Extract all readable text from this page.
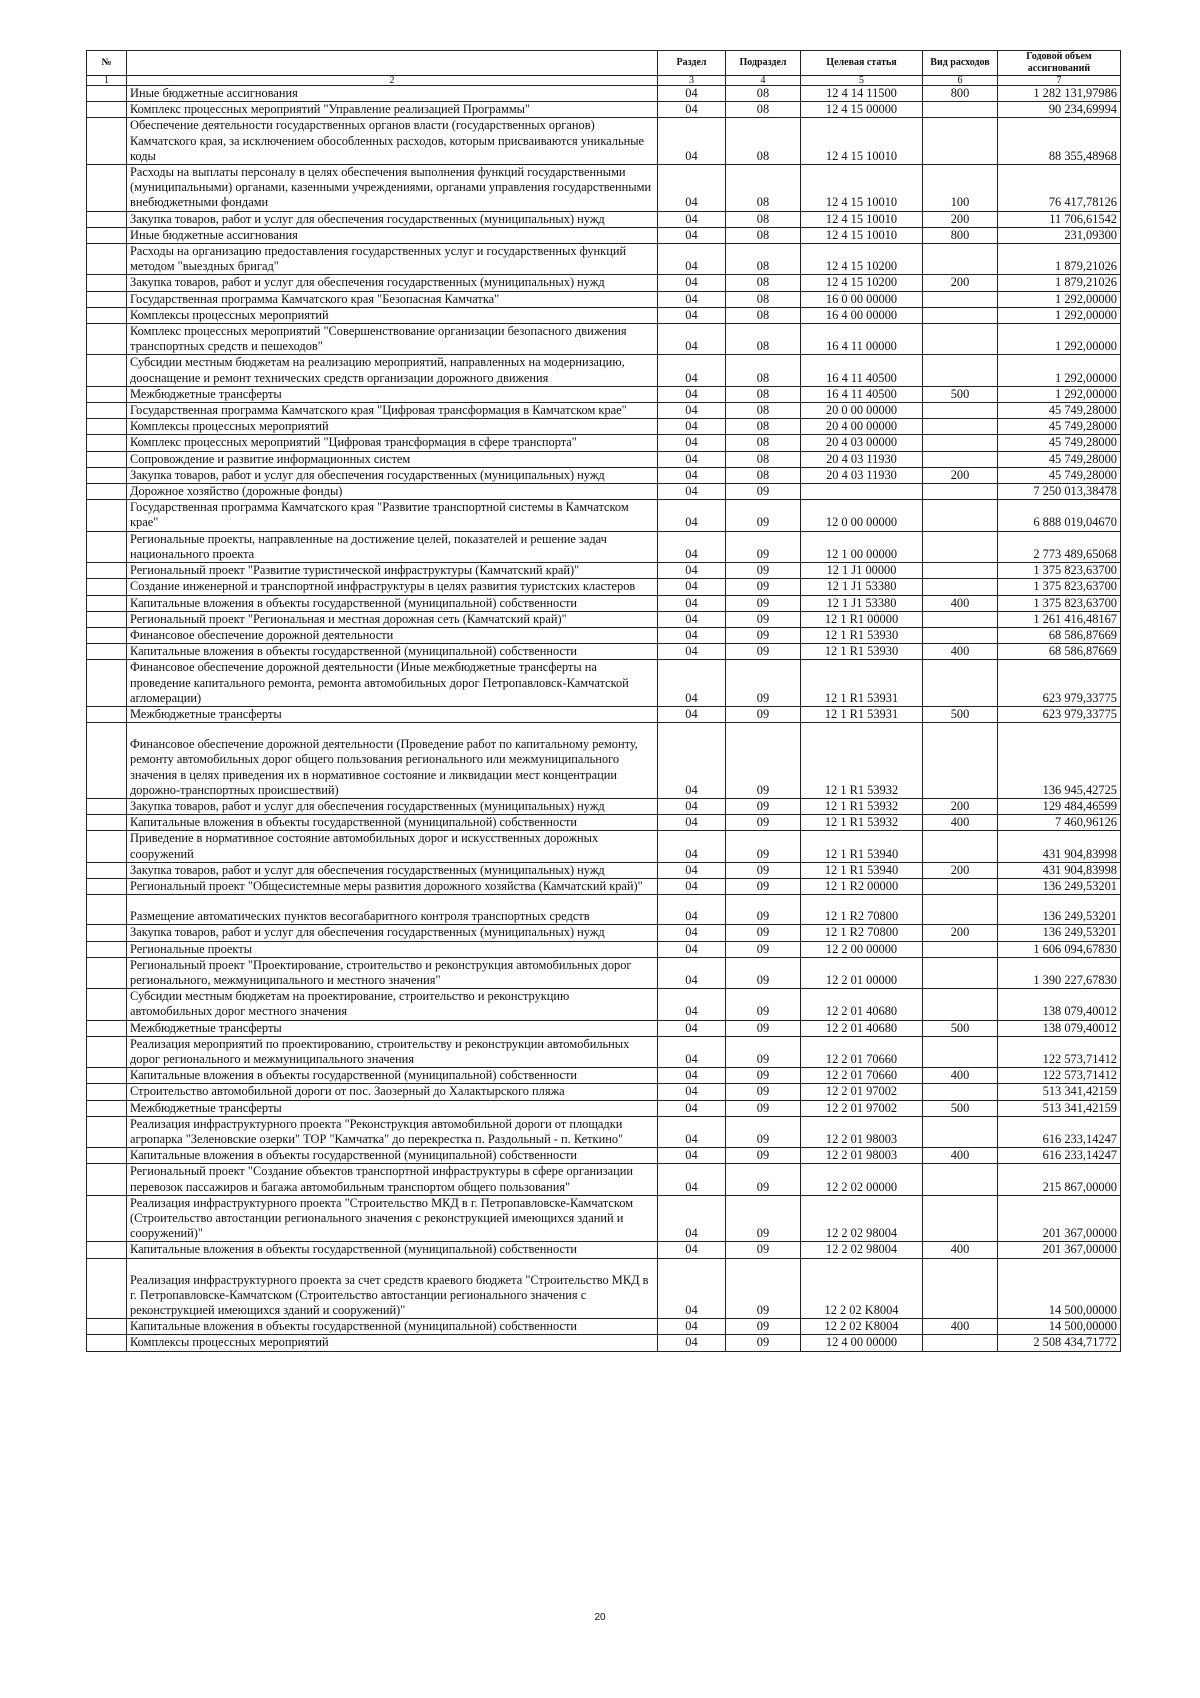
№		Раздел	Подраздел	Целевая статья	Вид расходов	Годовой объем ассигнований
1	2	3	4	5	6	7
	Иные бюджетные ассигнования	04	08	12 4 14 11500	800	1 282 131,97986
	Комплекс процессных мероприятий "Управление реализацией Программы"	04	08	12 4 15 00000		90 234,69994
	Обеспечение деятельности государственных органов власти (государственных органов) Камчатского края, за исключением обособленных расходов, которым присваиваются уникальные коды	04	08	12 4 15 10010		88 355,48968
	Расходы на выплаты персоналу в целях обеспечения выполнения функций государственными (муниципальными) органами, казенными учреждениями, органами управления государственными внебюджетными фондами	04	08	12 4 15 10010	100	76 417,78126
	Закупка товаров, работ и услуг для обеспечения государственных (муниципальных) нужд	04	08	12 4 15 10010	200	11 706,61542
	Иные бюджетные ассигнования	04	08	12 4 15 10010	800	231,09300
	Расходы на организацию предоставления государственных услуг и государственных функций методом "выездных бригад"	04	08	12 4 15 10200		1 879,21026
	Закупка товаров, работ и услуг для обеспечения государственных (муниципальных) нужд	04	08	12 4 15 10200	200	1 879,21026
	Государственная программа Камчатского края "Безопасная Камчатка"	04	08	16 0 00 00000		1 292,00000
	Комплексы процессных мероприятий	04	08	16 4 00 00000		1 292,00000
	Комплекс процессных мероприятий "Совершенствование организации безопасного движения транспортных средств и пешеходов"	04	08	16 4 11 00000		1 292,00000
	Субсидии местным бюджетам на реализацию мероприятий, направленных на модернизацию, дооснащение и ремонт технических средств организации дорожного движения	04	08	16 4 11 40500		1 292,00000
	Межбюджетные трансферты	04	08	16 4 11 40500	500	1 292,00000
	Государственная программа Камчатского края "Цифровая трансформация в Камчатском крае"	04	08	20 0 00 00000		45 749,28000
	Комплексы процессных мероприятий	04	08	20 4 00 00000		45 749,28000
	Комплекс процессных мероприятий "Цифровая трансформация в сфере транспорта"	04	08	20 4 03 00000		45 749,28000
	Сопровождение и развитие информационных систем	04	08	20 4 03 11930		45 749,28000
	Закупка товаров, работ и услуг для обеспечения государственных (муниципальных) нужд	04	08	20 4 03 11930	200	45 749,28000
	Дорожное хозяйство (дорожные фонды)	04	09			7 250 013,38478
	Государственная программа Камчатского края "Развитие транспортной системы в Камчатском крае"	04	09	12 0 00 00000		6 888 019,04670
	Региональные проекты, направленные на достижение целей, показателей и решение задач национального проекта	04	09	12 1 00 00000		2 773 489,65068
	Региональный проект "Развитие туристической инфраструктуры (Камчатский край)"	04	09	12 1 J1 00000		1 375 823,63700
	Создание инженерной и транспортной инфраструктуры в целях развития туристских кластеров	04	09	12 1 J1 53380		1 375 823,63700
	Капитальные вложения в объекты государственной (муниципальной) собственности	04	09	12 1 J1 53380	400	1 375 823,63700
	Региональный проект "Региональная и местная дорожная сеть (Камчатский край)"	04	09	12 1 R1 00000		1 261 416,48167
	Финансовое обеспечение дорожной деятельности	04	09	12 1 R1 53930		68 586,87669
	Капитальные вложения в объекты государственной (муниципальной) собственности	04	09	12 1 R1 53930	400	68 586,87669
	Финансовое обеспечение дорожной деятельности (Иные межбюджетные трансферты на проведение капитального ремонта, ремонта автомобильных дорог Петропавловск-Камчатской агломерации)	04	09	12 1 R1 53931		623 979,33775
	Межбюджетные трансферты	04	09	12 1 R1 53931	500	623 979,33775
	Финансовое обеспечение дорожной деятельности (Проведение работ по капитальному ремонту, ремонту автомобильных дорог общего пользования регионального или межмуниципального значения в целях приведения их в нормативное состояние и ликвидации мест концентрации дорожно-транспортных происшествий)	04	09	12 1 R1 53932		136 945,42725
	Закупка товаров, работ и услуг для обеспечения государственных (муниципальных) нужд	04	09	12 1 R1 53932	200	129 484,46599
	Капитальные вложения в объекты государственной (муниципальной) собственности	04	09	12 1 R1 53932	400	7 460,96126
	Приведение в нормативное состояние автомобильных дорог и искусственных дорожных сооружений	04	09	12 1 R1 53940		431 904,83998
	Закупка товаров, работ и услуг для обеспечения государственных (муниципальных) нужд	04	09	12 1 R1 53940	200	431 904,83998
	Региональный проект "Общесистемные меры развития дорожного хозяйства (Камчатский край)"	04	09	12 1 R2 00000		136 249,53201
	Размещение автоматических пунктов весогабаритного контроля транспортных средств	04	09	12 1 R2 70800		136 249,53201
	Закупка товаров, работ и услуг для обеспечения государственных (муниципальных) нужд	04	09	12 1 R2 70800	200	136 249,53201
	Региональные проекты	04	09	12 2 00 00000		1 606 094,67830
	Региональный проект "Проектирование, строительство и реконструкция автомобильных дорог регионального, межмуниципального и местного значения"	04	09	12 2 01 00000		1 390 227,67830
	Субсидии местным бюджетам на проектирование, строительство и реконструкцию автомобильных дорог местного значения	04	09	12 2 01 40680		138 079,40012
	Межбюджетные трансферты	04	09	12 2 01 40680	500	138 079,40012
	Реализация мероприятий по проектированию, строительству и реконструкции автомобильных дорог регионального и межмуниципального значения	04	09	12 2 01 70660		122 573,71412
	Капитальные вложения в объекты государственной (муниципальной) собственности	04	09	12 2 01 70660	400	122 573,71412
	Строительство автомобильной дороги от пос. Заозерный до Халактырского пляжа	04	09	12 2 01 97002		513 341,42159
	Межбюджетные трансферты	04	09	12 2 01 97002	500	513 341,42159
	Реализация инфраструктурного проекта "Реконструкция автомобильной дороги от площадки агропарка "Зеленовские озерки" ТОР "Камчатка" до перекрестка п. Раздольный - п. Кеткино"	04	09	12 2 01 98003		616 233,14247
	Капитальные вложения в объекты государственной (муниципальной) собственности	04	09	12 2 01 98003	400	616 233,14247
	Региональный проект "Создание объектов транспортной инфраструктуры в сфере организации перевозок пассажиров и багажа автомобильным транспортом общего пользования"	04	09	12 2 02 00000		215 867,00000
	Реализация инфраструктурного проекта "Строительство МКД в г. Петропавловске-Камчатском (Строительство автостанции регионального значения с реконструкцией имеющихся зданий и сооружений)"	04	09	12 2 02 98004		201 367,00000
	Капитальные вложения в объекты государственной (муниципальной) собственности	04	09	12 2 02 98004	400	201 367,00000
	Реализация инфраструктурного проекта за счет средств краевого бюджета "Строительство МКД в г. Петропавловске-Камчатском (Строительство автостанции регионального значения с реконструкцией имеющихся зданий и сооружений)"	04	09	12 2 02 K8004		14 500,00000
	Капитальные вложения в объекты государственной (муниципальной) собственности	04	09	12 2 02 K8004	400	14 500,00000
	Комплексы процессных мероприятий	04	09	12 4 00 00000		2 508 434,71772
20
